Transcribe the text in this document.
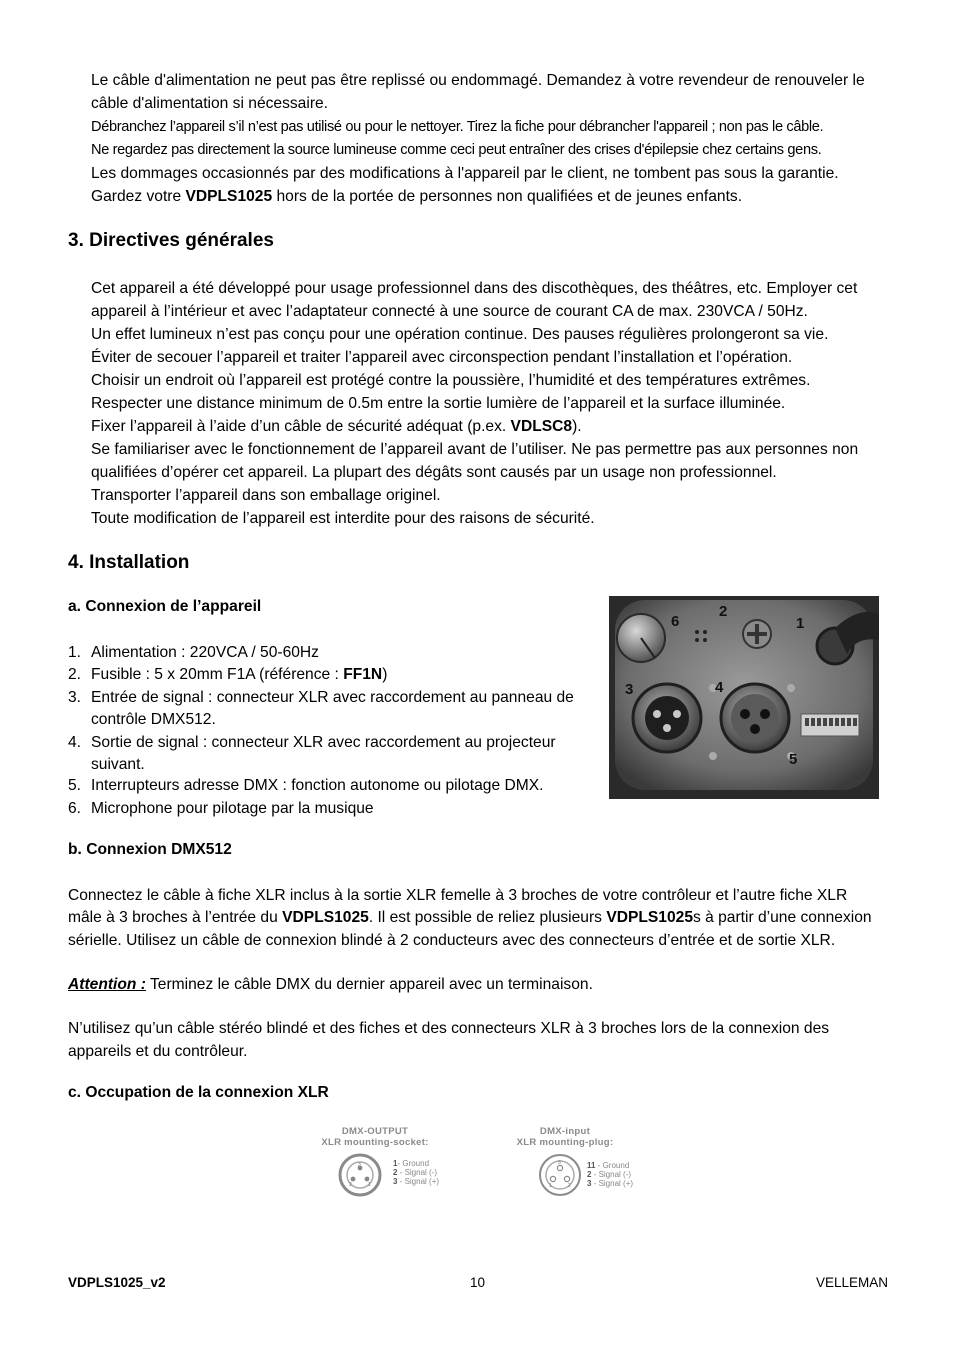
Le câble d'alimentation ne peut pas être replissé ou endommagé. Demandez à votre revendeur de renouveler le
câble d'alimentation si nécessaire.
Débranchez l’appareil s’il n’est pas utilisé ou pour le nettoyer. Tirez la fiche pour débrancher l'appareil ; non pas le câble.
Ne regardez pas directement la source lumineuse comme ceci peut entraîner des crises d'épilepsie chez certains gens.
Les dommages occasionnés par des modifications à l'appareil par le client, ne tombent pas sous la garantie.
Gardez votre VDPLS1025 hors de la portée de personnes non qualifiées et de jeunes enfants.
3. Directives générales
Cet appareil a été développé pour usage professionnel dans des discothèques, des théâtres, etc. Employer cet
appareil à l’intérieur et avec l’adaptateur connecté à une source de courant CA de max. 230VCA / 50Hz.
Un effet lumineux n’est pas conçu pour une opération continue. Des pauses régulières prolongeront sa vie.
Éviter de secouer l’appareil et traiter l’appareil avec circonspection pendant l’installation et l’opération.
Choisir un endroit où l’appareil est protégé contre la poussière, l’humidité et des températures extrêmes.
Respecter une distance minimum de 0.5m entre la sortie lumière de l’appareil et la surface illuminée.
Fixer l’appareil à l’aide d’un câble de sécurité adéquat (p.ex. VDLSC8).
Se familiariser avec le fonctionnement de l’appareil avant de l’utiliser. Ne pas permettre pas aux personnes non
qualifiées d’opérer cet appareil. La plupart des dégâts sont causés par un usage non professionnel.
Transporter l’appareil dans son emballage originel.
Toute modification de l’appareil est interdite pour des raisons de sécurité.
4. Installation
a. Connexion de l’appareil
1. Alimentation : 220VCA / 50-60Hz
2. Fusible : 5 x 20mm F1A (référence : FF1N)
3. Entrée de signal : connecteur XLR avec raccordement au panneau de
contrôle DMX512.
4. Sortie de signal : connecteur XLR avec raccordement au projecteur
suivant.
5. Interrupteurs adresse DMX : fonction autonome ou pilotage DMX.
6. Microphone pour pilotage par la musique
6
2
1
3	4
5
b. Connexion DMX512
Connectez le câble à fiche XLR inclus à la sortie XLR femelle à 3 broches de votre contrôleur et l’autre fiche XLR
mâle à 3 broches à l’entrée du VDPLS1025. Il est possible de reliez plusieurs VDPLS1025s à partir d’une connexion
sérielle. Utilisez un câble de connexion blindé à 2 conducteurs avec des connecteurs d’entrée et de sortie XLR.
Attention : Terminez le câble DMX du dernier appareil avec un terminaison.
N’utilisez qu’un câble stéréo blindé et des fiches et des connecteurs XLR à 3 broches lors de la connexion des
appareils et du contrôleur.
c. Occupation de la connexion XLR
DMX-OUTPUT
XLR mounting-socket:
3
2	1
1- Ground
2 - Signal (-)
3 - Signal (+)
DMX-input
XLR mounting-plug:
3
1	2
11 - Ground
2 - Signal (-)
3 - Signal (+)
VDPLS1025_v2	10	VELLEMAN
